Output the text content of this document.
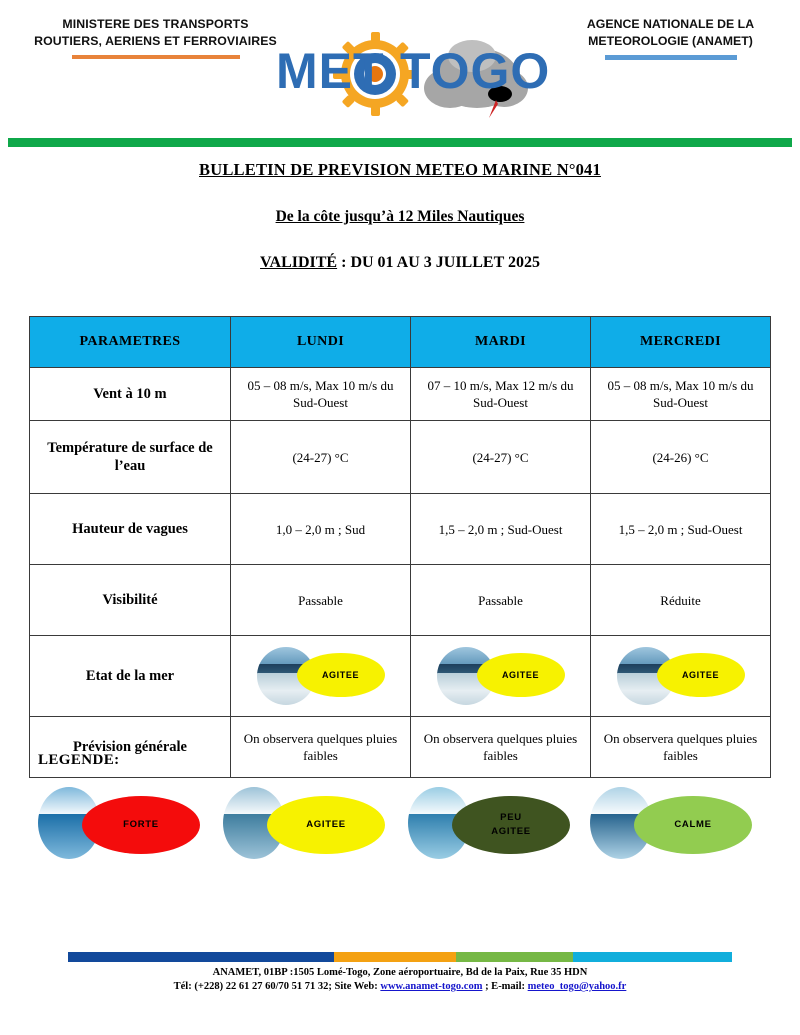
MINISTERE DES TRANSPORTS
ROUTIERS, AERIENS ET FERROVIAIRES
MET TOGO
AGENCE NATIONALE DE LA
METEOROLOGIE (ANAMET)
BULLETIN DE PREVISION METEO MARINE N°041
De la côte jusqu’à 12 Miles Nautiques
VALIDITÉ : DU 01 AU 3 JUILLET 2025
PARAMETRES	LUNDI	MARDI	MERCREDI
Vent à 10 m	05 – 08 m/s, Max 10 m/s du Sud-Ouest	07 – 10 m/s, Max 12 m/s du Sud-Ouest	05 – 08 m/s, Max 10 m/s du Sud-Ouest
Température de surface de l’eau	(24-27) °C	(24-27) °C	(24-26) °C
Hauteur de vagues	1,0 – 2,0 m ; Sud	1,5 – 2,0 m ; Sud-Ouest	1,5 – 2,0 m ; Sud-Ouest
Visibilité	Passable	Passable	Réduite
Etat de la mer	AGITEE	AGITEE	AGITEE

Prévision générale	On observera quelques pluies faibles	On observera quelques pluies faibles	On observera quelques pluies faibles
LEGENDE:
FORTE	AGITEE
PEU
AGITEE
CALME
ANAMET, 01BP :1505 Lomé-Togo, Zone aéroportuaire, Bd de la Paix, Rue 35 HDN
Tél: (+228) 22 61 27 60/70 51 71 32; Site Web: www.anamet-togo.com ; E-mail: meteo_togo@yahoo.fr
